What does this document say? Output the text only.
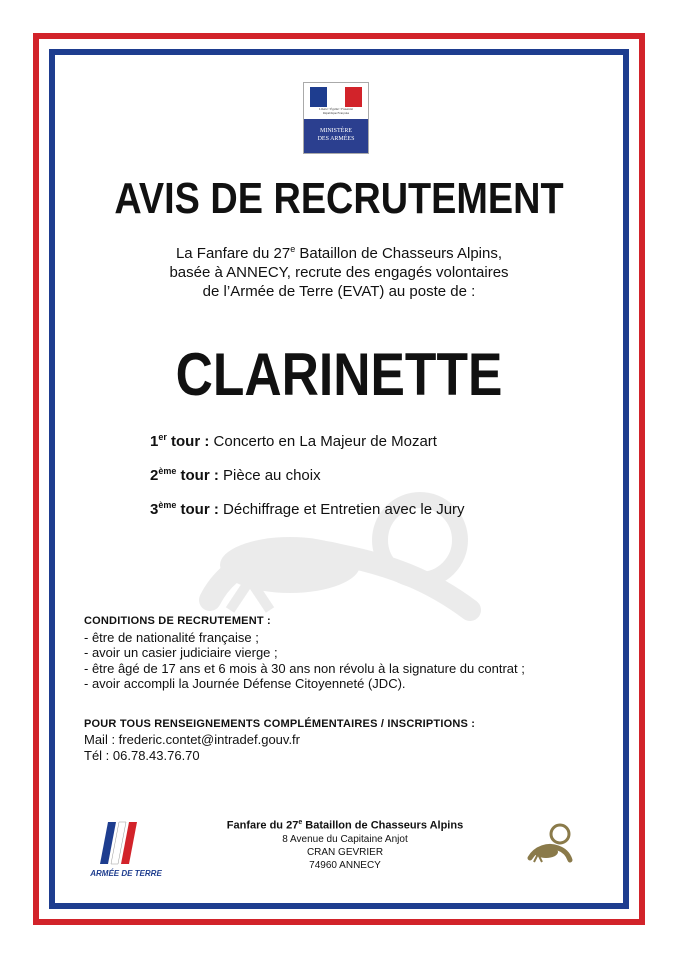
Liberté • Égalité • Fraternité
République Française
MINISTÈRE
DES ARMÉES
AVIS DE RECRUTEMENT
La Fanfare du 27e Bataillon de Chasseurs Alpins,
basée à ANNECY, recrute des engagés volontaires
de l’Armée de Terre (EVAT) au poste de :
CLARINETTE
1er tour : Concerto en La Majeur de Mozart
2ème tour : Pièce au choix
3ème tour : Déchiffrage et Entretien avec le Jury
CONDITIONS DE RECRUTEMENT :
- être de nationalité française ;
- avoir un casier judiciaire vierge ;
- être âgé de 17 ans et 6 mois à 30 ans non révolu à la signature du contrat ;
- avoir accompli la Journée Défense Citoyenneté (JDC).
POUR TOUS RENSEIGNEMENTS COMPLÉMENTAIRES / INSCRIPTIONS :
Mail : frederic.contet@intradef.gouv.fr
Tél : 06.78.43.76.70
ARMÉE DE TERRE
Fanfare du 27e Bataillon de Chasseurs Alpins
8 Avenue du Capitaine Anjot
CRAN GEVRIER
74960 ANNECY
